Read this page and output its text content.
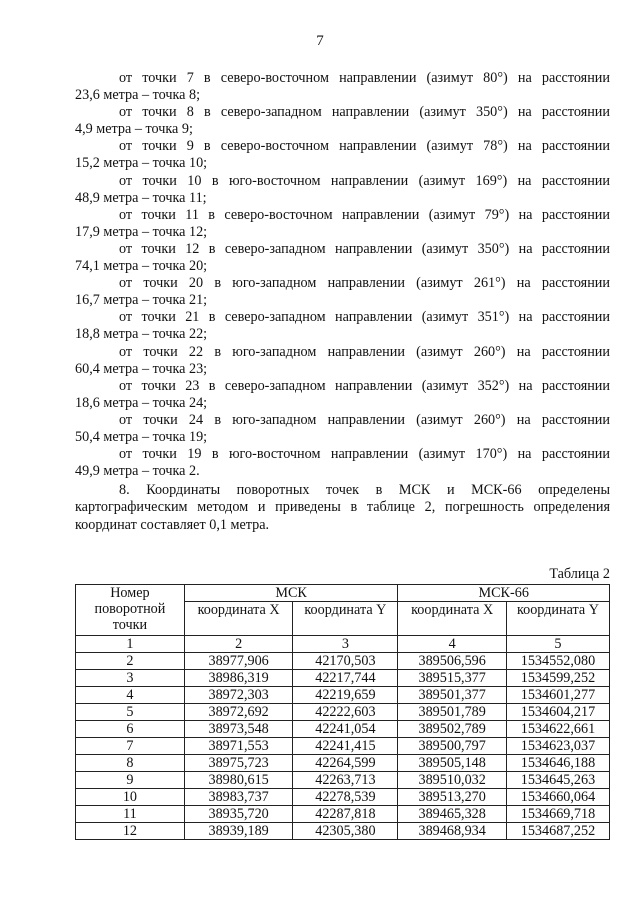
7

от точки 7 в северо-восточном направлении (азимут 80°) на расстоянии
23,6 метра – точка 8;

от точки 8 в северо-западном направлении (азимут 350°) на расстоянии
4,9 метра – точка 9;

от точки 9 в северо-восточном направлении (азимут 78°) на расстоянии
15,2 метра – точка 10;

от точки 10 в юго-восточном направлении (азимут 169°) на расстоянии
48,9 метра – точка 11;

от точки 11 в северо-восточном направлении (азимут 79°) на расстоянии
17,9 метра – точка 12;

от точки 12 в северо-западном направлении (азимут 350°) на расстоянии
74,1 метра – точка 20;

от точки 20 в юго-западном направлении (азимут 261°) на расстоянии
16,7 метра – точка 21;

от точки 21 в северо-западном направлении (азимут 351°) на расстоянии
18,8 метра – точка 22;

от точки 22 в юго-западном направлении (азимут 260°) на расстоянии
60,4 метра – точка 23;

от точки 23 в северо-западном направлении (азимут 352°) на расстоянии
18,6 метра – точка 24;

от точки 24 в юго-западном направлении (азимут 260°) на расстоянии
50,4 метра – точка 19;

от точки 19 в юго-восточном направлении (азимут 170°) на расстоянии
49,9 метра – точка 2.

8. Координаты поворотных точек в МСК и МСК-66 определены картографическим методом и приведены в таблице 2, погрешность определения координат составляет 0,1 метра.

Таблица 2
Номер поворотной точки	МСК		МСК-66	
	координата X	координата Y	координата X	координата Y
1	2	3	4	5
2	38977,906	42170,503	389506,596	1534552,080
3	38986,319	42217,744	389515,377	1534599,252
4	38972,303	42219,659	389501,377	1534601,277
5	38972,692	42222,603	389501,789	1534604,217
6	38973,548	42241,054	389502,789	1534622,661
7	38971,553	42241,415	389500,797	1534623,037
8	38975,723	42264,599	389505,148	1534646,188
9	38980,615	42263,713	389510,032	1534645,263
10	38983,737	42278,539	389513,270	1534660,064
11	38935,720	42287,818	389465,328	1534669,718
12	38939,189	42305,380	389468,934	1534687,252
